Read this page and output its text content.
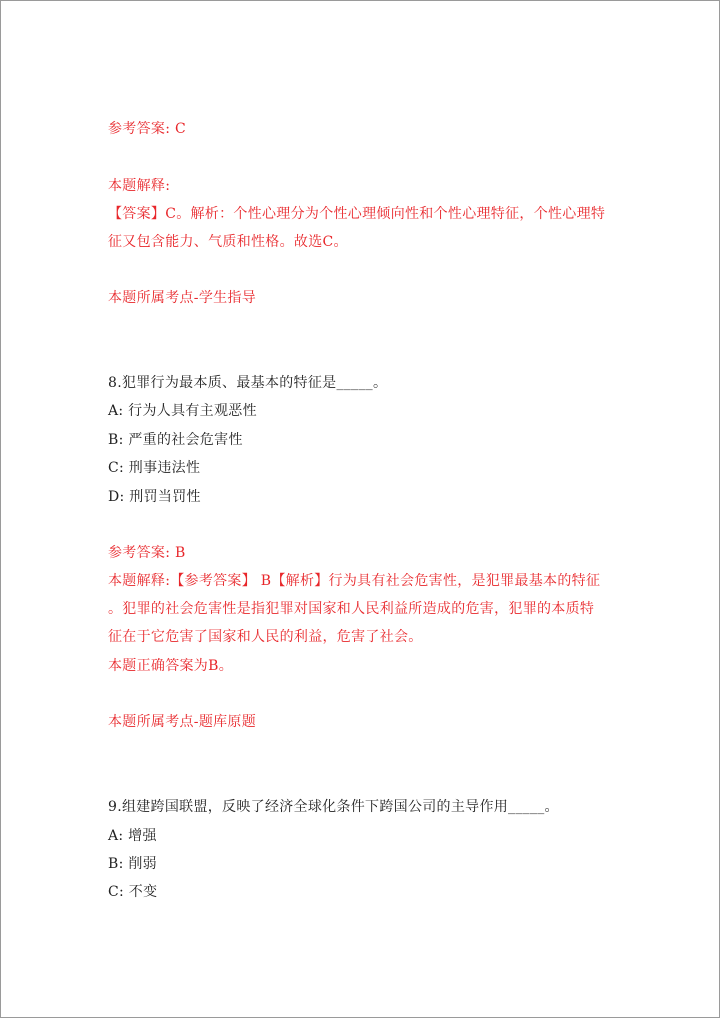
参考答案: C
本题解释:
【答案】C。解析：个性心理分为个性心理倾向性和个性心理特征，个性心理特
征又包含能力、气质和性格。故选C。
本题所属考点-学生指导
8.犯罪行为最本质、最基本的特征是_____。
A: 行为人具有主观恶性
B: 严重的社会危害性
C: 刑事违法性
D: 刑罚当罚性
参考答案: B
本题解释:【参考答案】 B【解析】行为具有社会危害性，是犯罪最基本的特征
。犯罪的社会危害性是指犯罪对国家和人民利益所造成的危害，犯罪的本质特
征在于它危害了国家和人民的利益，危害了社会。
本题正确答案为B。
本题所属考点-题库原题
9.组建跨国联盟，反映了经济全球化条件下跨国公司的主导作用_____。
A: 增强
B: 削弱
C: 不变
